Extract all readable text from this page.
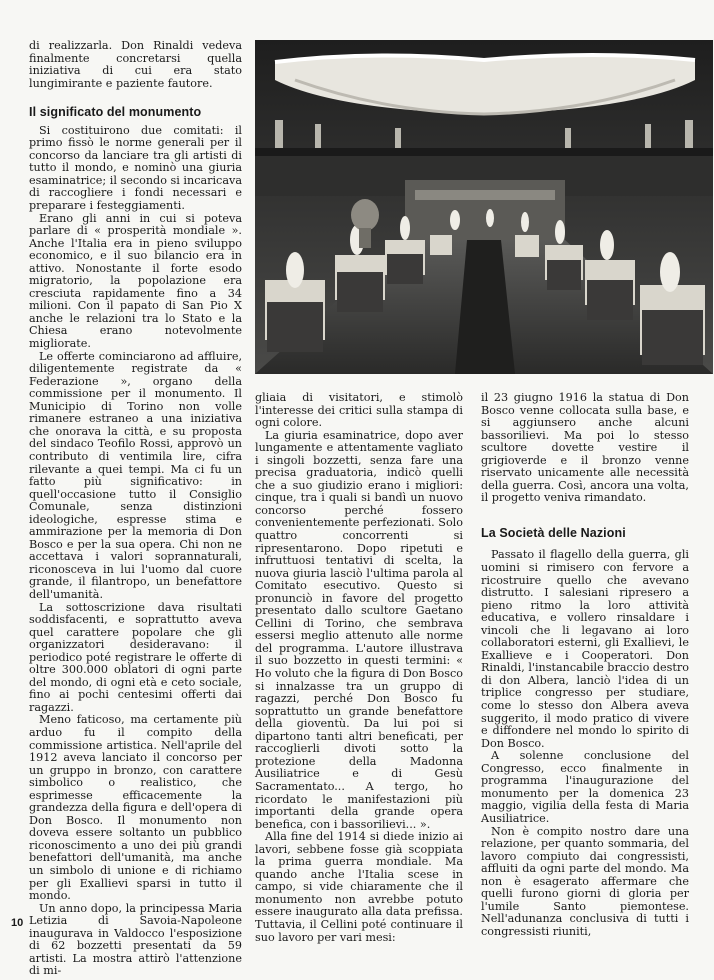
di realizzarla. Don Rinaldi vedeva finalmente concretarsi quella iniziativa di cui era stato lungimirante e paziente fautore.

Il significato del monumento

Si costituirono due comitati: il primo fissò le norme generali per il concorso da lanciare tra gli artisti di tutto il mondo, e nominò una giuria esaminatrice; il secondo si incaricava di raccogliere i fondi necessari e preparare i festeggiamenti.

Erano gli anni in cui si poteva parlare di « prosperità mondiale ». Anche l'Italia era in pieno sviluppo economico, e il suo bilancio era in attivo. Nonostante il forte esodo migratorio, la popolazione era cresciuta rapidamente fino a 34 milioni. Con il papato di San Pio X anche le relazioni tra lo Stato e la Chiesa erano notevolmente migliorate.

Le offerte cominciarono ad affluire, diligentemente registrate da « Federazione », organo della commissione per il monumento. Il Municipio di Torino non volle rimanere estraneo a una iniziativa che onorava la città, e su proposta del sindaco Teofilo Rossi, approvò un contributo di ventimila lire, cifra rilevante a quei tempi. Ma ci fu un fatto più significativo: in quell'occasione tutto il Consiglio Comunale, senza distinzioni ideologiche, espresse stima e ammirazione per la memoria di Don Bosco e per la sua opera. Chi non ne accettava i valori soprannaturali, riconosceva in lui l'uomo dal cuore grande, il filantropo, un benefattore dell'umanità.

La sottoscrizione dava risultati soddisfacenti, e soprattutto aveva quel carattere popolare che gli organizzatori desideravano: il periodico poté registrare le offerte di oltre 300.000 oblatori di ogni parte del mondo, di ogni età e ceto sociale, fino ai pochi centesimi offerti dai ragazzi.

Meno faticoso, ma certamente più arduo fu il compito della commissione artistica. Nell'aprile del 1912 aveva lanciato il concorso per un gruppo in bronzo, con carattere simbolico o realistico, che esprimesse efficacemente la grandezza della figura e dell'opera di Don Bosco. Il monumento non doveva essere soltanto un pubblico riconoscimento a uno dei più grandi benefattori dell'umanità, ma anche un simbolo di unione e di richiamo per gli Exallievi sparsi in tutto il mondo.

Un anno dopo, la principessa Maria Letizia di Savoia-Napoleone inaugurava in Valdocco l'esposizione di 62 bozzetti presentati da 59 artisti. La mostra attirò l'attenzione di mi-

gliaia di visitatori, e stimolò l'interesse dei critici sulla stampa di ogni colore.

La giuria esaminatrice, dopo aver lungamente e attentamente vagliato i singoli bozzetti, senza fare una precisa graduatoria, indicò quelli che a suo giudizio erano i migliori: cinque, tra i quali si bandì un nuovo concorso perché fossero convenientemente perfezionati. Solo quattro concorrenti si ripresentarono. Dopo ripetuti e infruttuosi tentativi di scelta, la nuova giuria lasciò l'ultima parola al Comitato esecutivo. Questo si pronunciò in favore del progetto presentato dallo scultore Gaetano Cellini di Torino, che sembrava essersi meglio attenuto alle norme del programma. L'autore illustrava il suo bozzetto in questi termini: « Ho voluto che la figura di Don Bosco si innalzasse tra un gruppo di ragazzi, perché Don Bosco fu soprattutto un grande benefattore della gioventù. Da lui poi si dipartono tanti altri beneficati, per raccoglierli divoti sotto la protezione della Madonna Ausiliatrice e di Gesù Sacramentato... A tergo, ho ricordato le manifestazioni più importanti della grande opera benefica, con i bassorilievi... ».

Alla fine del 1914 si diede inizio ai lavori, sebbene fosse già scoppiata la prima guerra mondiale. Ma quando anche l'Italia scese in campo, si vide chiaramente che il monumento non avrebbe potuto essere inaugurato alla data prefissa. Tuttavia, il Cellini poté continuare il suo lavoro per vari mesi:

il 23 giugno 1916 la statua di Don Bosco venne collocata sulla base, e si aggiunsero anche alcuni bassorilievi. Ma poi lo stesso scultore dovette vestire il grigioverde e il bronzo venne riservato unicamente alle necessità della guerra. Così, ancora una volta, il progetto veniva rimandato.

La Società delle Nazioni

Passato il flagello della guerra, gli uomini si rimisero con fervore a ricostruire quello che avevano distrutto. I salesiani ripresero a pieno ritmo la loro attività educativa, e vollero rinsaldare i vincoli che li legavano ai loro collaboratori esterni, gli Exallievi, le Exallieve e i Cooperatori. Don Rinaldi, l'instancabile braccio destro di don Albera, lanciò l'idea di un triplice congresso per studiare, come lo stesso don Albera aveva suggerito, il modo pratico di vivere e diffondere nel mondo lo spirito di Don Bosco.

A solenne conclusione del Congresso, ecco finalmente in programma l'inaugurazione del monumento per la domenica 23 maggio, vigilia della festa di Maria Ausiliatrice.

Non è compito nostro dare una relazione, per quanto sommaria, del lavoro compiuto dai congressisti, affluiti da ogni parte del mondo. Ma non è esagerato affermare che quelli furono giorni di gloria per l'umile Santo piemontese. Nell'adunanza conclusiva di tutti i congressisti riuniti,

10
